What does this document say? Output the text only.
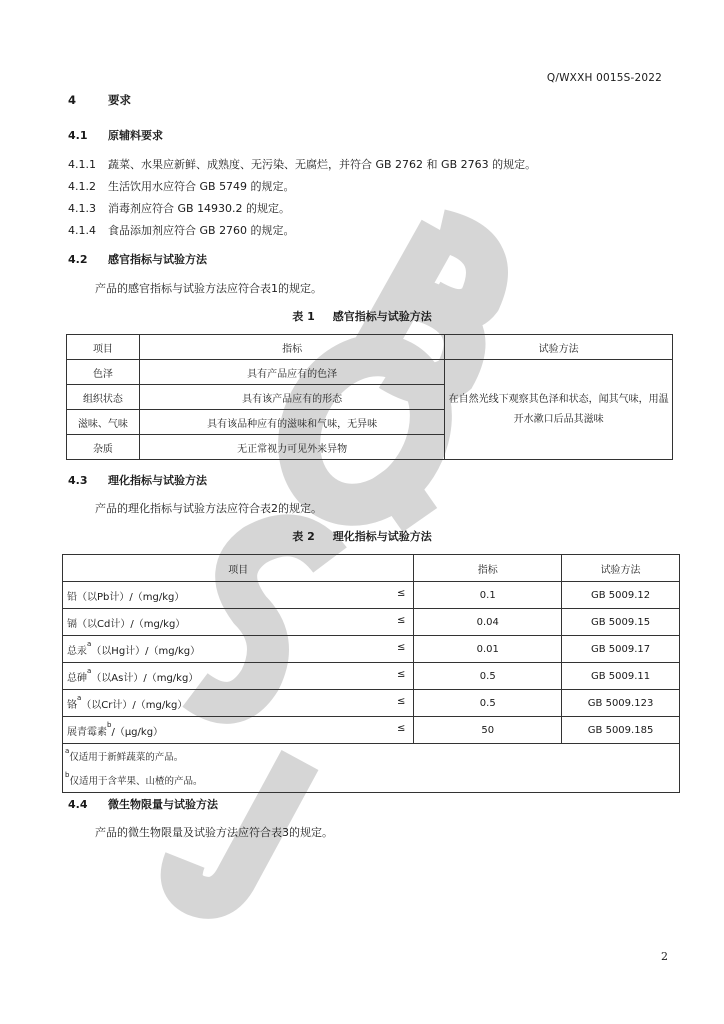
Q/WXXH 0015S-2022
4	要求
4.1 原辅料要求
4.1.1 蔬菜、水果应新鲜、成熟度、无污染、无腐烂，并符合 GB 2762 和 GB 2763 的规定。
4.1.2 生活饮用水应符合 GB 5749 的规定。
4.1.3 消毒剂应符合 GB 14930.2 的规定。
4.1.4 食品添加剂应符合 GB 2760 的规定。
4.2 感官指标与试验方法
产品的感官指标与试验方法应符合表1的规定。
表 1 感官指标与试验方法
项目	指标	试验方法
色泽	具有产品应有的色泽	在自然光线下观察其色泽和状态，闻其气味，用温开水漱口后品其滋味
组织状态	具有该产品应有的形态	
滋味、气味	具有该品种应有的滋味和气味，无异味	
杂质	无正常视力可见外来异物	
4.3 理化指标与试验方法
产品的理化指标与试验方法应符合表2的规定。
表 2 理化指标与试验方法
项目	指标	试验方法
铅（以Pb计）/（mg/kg） ≤	0.1	GB 5009.12
镉（以Cd计）/（mg/kg） ≤	0.04	GB 5009.15
总汞$^a$（以Hg计）/（mg/kg） ≤	0.01	GB 5009.17
总砷$^a$（以As计）/（mg/kg） ≤	0.5	GB 5009.11
铬$^a$（以Cr计）/（mg/kg） ≤	0.5	GB 5009.123
展青霉素$^b$/（μg/kg） ≤	50	GB 5009.185
$^a$仅适用于新鲜蔬菜的产品。		
$^b$仅适用于含苹果、山楂的产品。		
4.4 微生物限量与试验方法
产品的微生物限量及试验方法应符合表3的规定。
2
